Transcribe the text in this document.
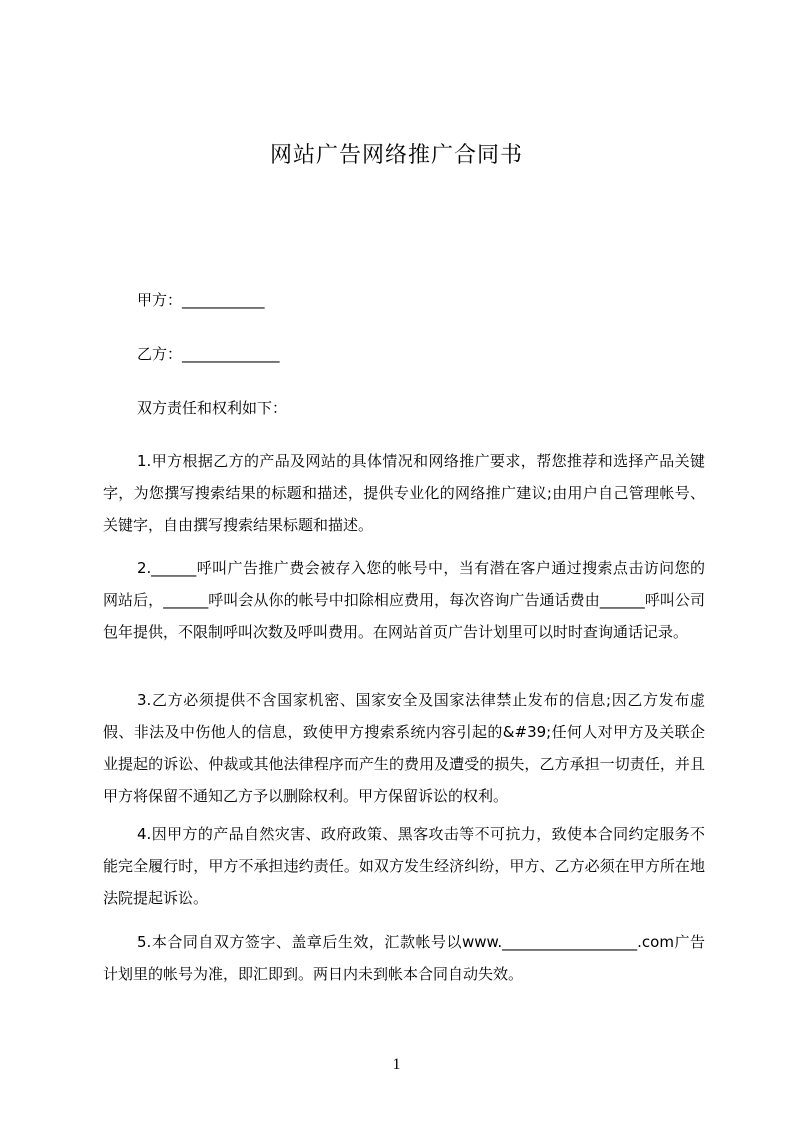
网站广告网络推广合同书
甲方：___________
乙方：_____________
双方责任和权利如下：
1.甲方根据乙方的产品及网站的具体情况和网络推广要求，帮您推荐和选择产品关键字，为您撰写搜索结果的标题和描述，提供专业化的网络推广建议;由用户自己管理帐号、关键字，自由撰写搜索结果标题和描述。
2.______呼叫广告推广费会被存入您的帐号中，当有潜在客户通过搜索点击访问您的网站后，______呼叫会从你的帐号中扣除相应费用，每次咨询广告通话费由______呼叫公司包年提供，不限制呼叫次数及呼叫费用。在网站首页广告计划里可以时时查询通话记录。
3.乙方必须提供不含国家机密、国家安全及国家法律禁止发布的信息;因乙方发布虚假、非法及中伤他人的信息，致使甲方搜索系统内容引起的&#39;任何人对甲方及关联企业提起的诉讼、仲裁或其他法律程序而产生的费用及遭受的损失，乙方承担一切责任，并且甲方将保留不通知乙方予以删除权利。甲方保留诉讼的权利。
4.因甲方的产品自然灾害、政府政策、黑客攻击等不可抗力，致使本合同约定服务不能完全履行时，甲方不承担违约责任。如双方发生经济纠纷，甲方、乙方必须在甲方所在地法院提起诉讼。
5.本合同自双方签字、盖章后生效，汇款帐号以www.__________________.com广告计划里的帐号为准，即汇即到。两日内未到帐本合同自动失效。
1
